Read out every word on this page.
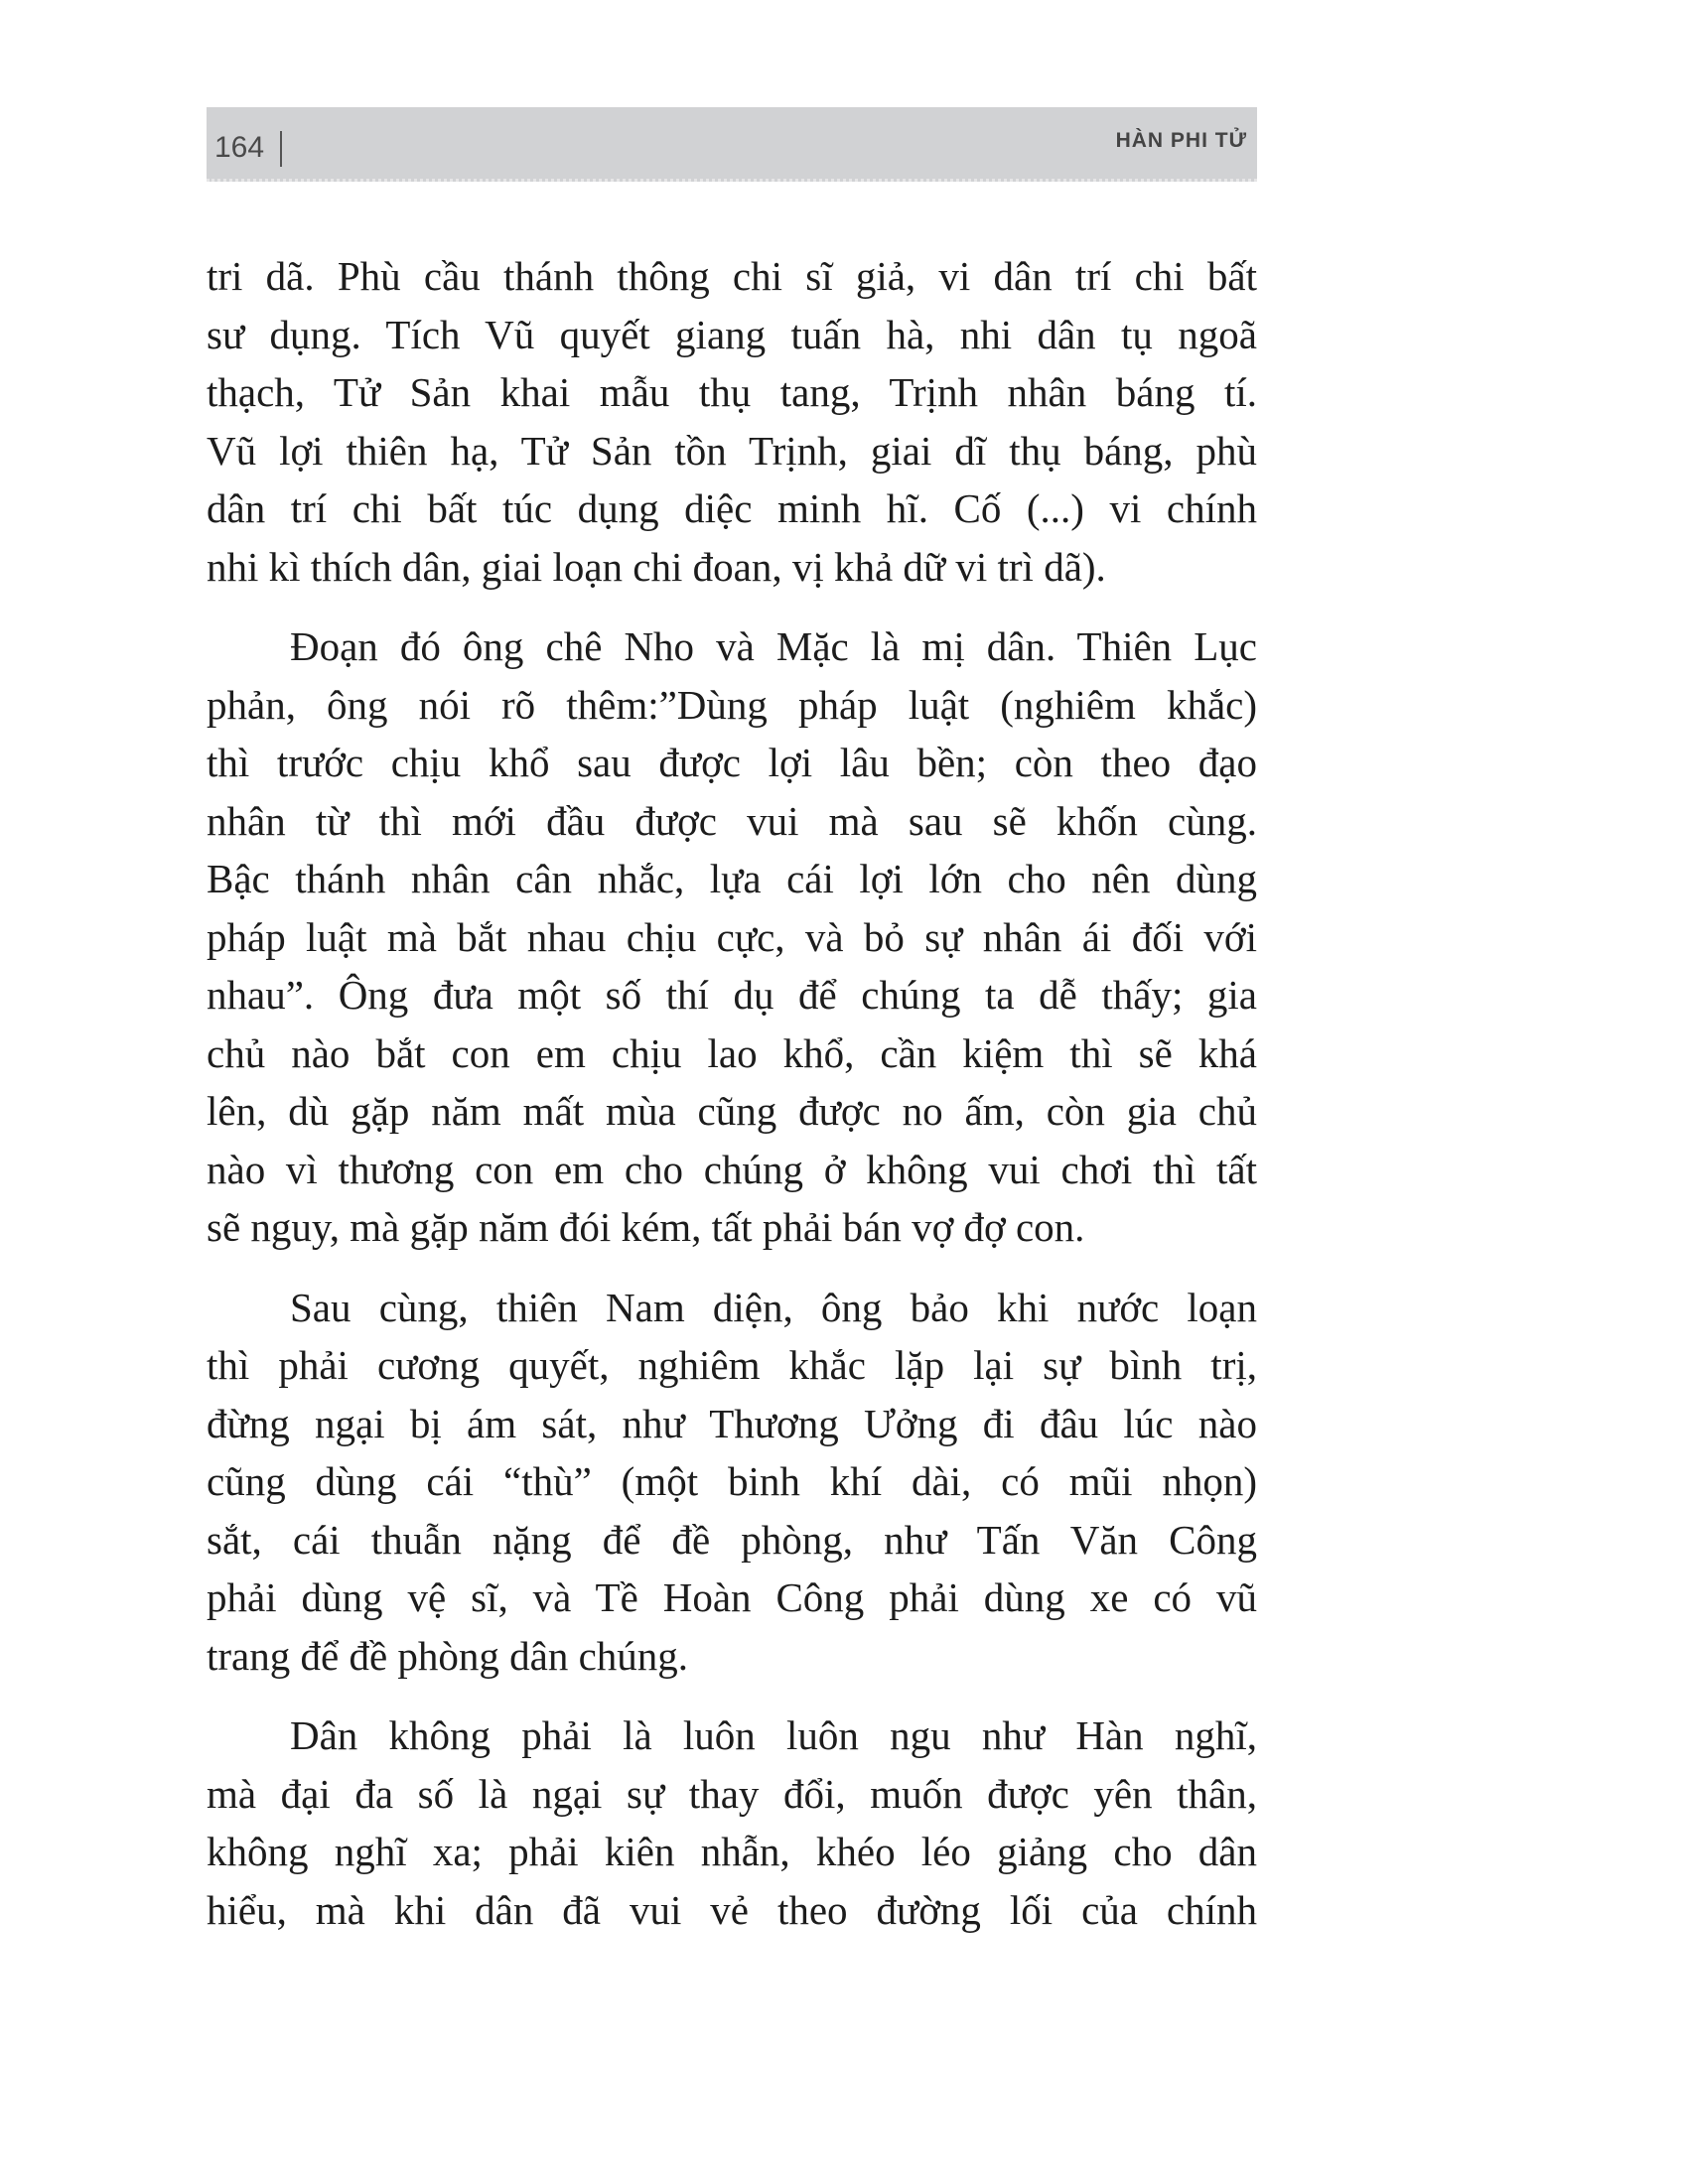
164	HÀN PHI TỬ
tri dã. Phù cầu thánh thông chi sĩ giả, vi dân trí chi bất
sư dụng. Tích Vũ quyết giang tuấn hà, nhi dân tụ ngoã
thạch, Tử Sản khai mẫu thụ tang, Trịnh nhân báng tí.
Vũ lợi thiên hạ, Tử Sản tồn Trịnh, giai dĩ thụ báng, phù
dân trí chi bất túc dụng diệc minh hĩ. Cố (...) vi chính
nhi kì thích dân, giai loạn chi đoan, vị khả dữ vi trì dã).
Đoạn đó ông chê Nho và Mặc là mị dân. Thiên Lục
phản, ông nói rõ thêm:”Dùng pháp luật (nghiêm khắc)
thì trước chịu khổ sau được lợi lâu bền; còn theo đạo
nhân từ thì mới đầu được vui mà sau sẽ khốn cùng.
Bậc thánh nhân cân nhắc, lựa cái lợi lớn cho nên dùng
pháp luật mà bắt nhau chịu cực, và bỏ sự nhân ái đối với
nhau”. Ông đưa một số thí dụ để chúng ta dễ thấy; gia
chủ nào bắt con em chịu lao khổ, cần kiệm thì sẽ khá
lên, dù gặp năm mất mùa cũng được no ấm, còn gia chủ
nào vì thương con em cho chúng ở không vui chơi thì tất
sẽ nguy, mà gặp năm đói kém, tất phải bán vợ đợ con.
Sau cùng, thiên Nam diện, ông bảo khi nước loạn
thì phải cương quyết, nghiêm khắc lặp lại sự bình trị,
đừng ngại bị ám sát, như Thương Ưởng đi đâu lúc nào
cũng dùng cái “thù” (một binh khí dài, có mũi nhọn)
sắt, cái thuẫn nặng để đề phòng, như Tấn Văn Công
phải dùng vệ sĩ, và Tề Hoàn Công phải dùng xe có vũ
trang để đề phòng dân chúng.
Dân không phải là luôn luôn ngu như Hàn nghĩ,
mà đại đa số là ngại sự thay đổi, muốn được yên thân,
không nghĩ xa; phải kiên nhẫn, khéo léo giảng cho dân
hiểu, mà khi dân đã vui vẻ theo đường lối của chính
